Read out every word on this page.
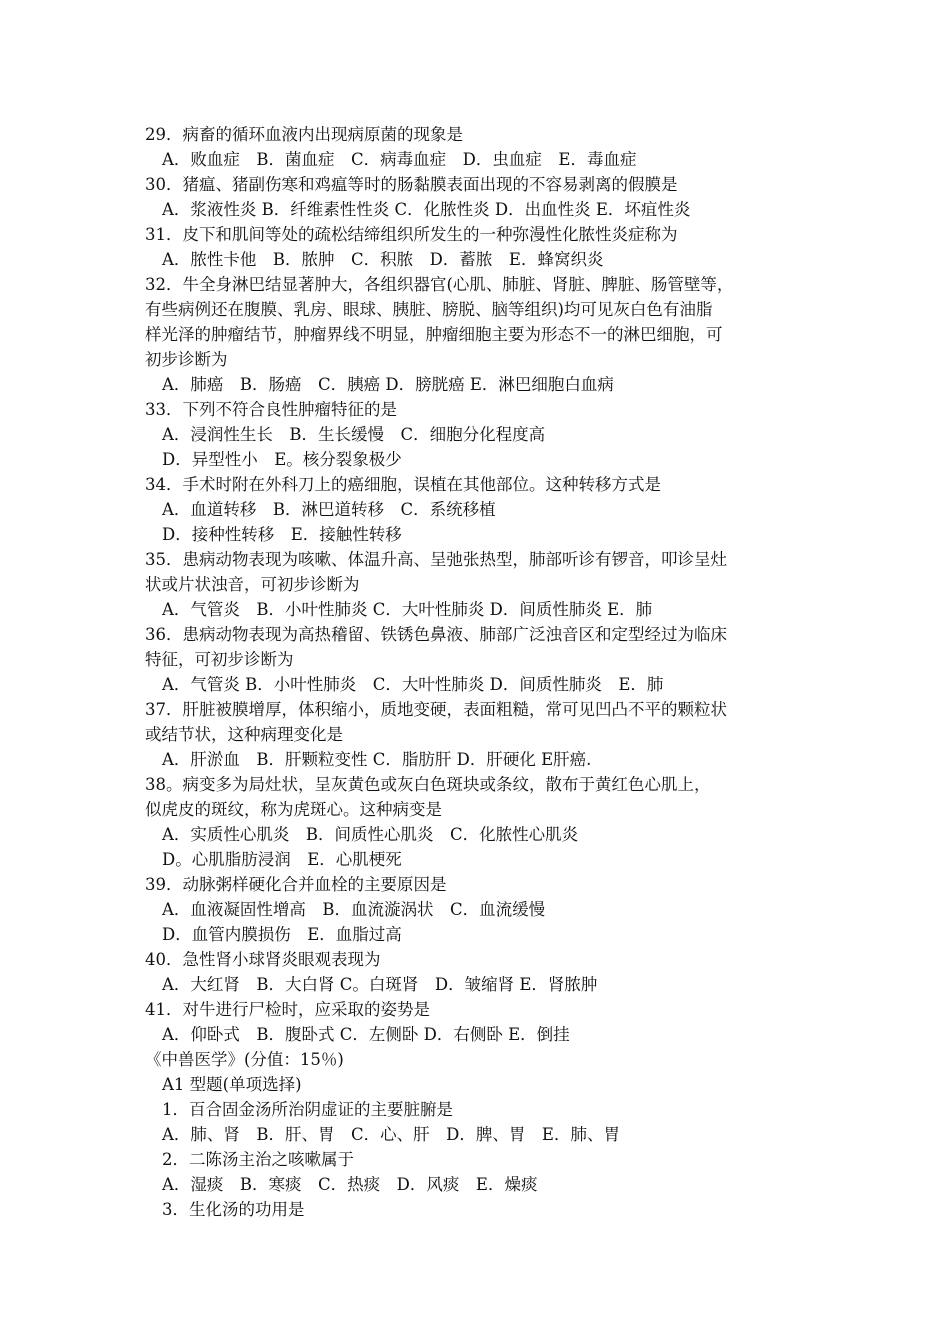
29．病畜的循环血液内出现病原菌的现象是
A．败血症　B．菌血症　C．病毒血症　D．虫血症　E．毒血症
30．猪瘟、猪副伤寒和鸡瘟等时的肠黏膜表面出现的不容易剥离的假膜是
A．浆液性炎 B．纤维素性性炎 C．化脓性炎 D．出血性炎 E．坏疽性炎
31．皮下和肌间等处的疏松结缔组织所发生的一种弥漫性化脓性炎症称为
A．脓性卡他　B．脓肿　C．积脓　D．蓄脓　E．蜂窝织炎
32．牛全身淋巴结显著肿大，各组织器官(心肌、肺脏、肾脏、脾脏、肠管壁等，
有些病例还在腹膜、乳房、眼球、胰脏、膀脱、脑等组织)均可见灰白色有油脂
样光泽的肿瘤结节，肿瘤界线不明显，肿瘤细胞主要为形态不一的淋巴细胞，可
初步诊断为
A．肺癌　B．肠癌　C．胰癌 D．膀胱癌 E．淋巴细胞白血病
33．下列不符合良性肿瘤特征的是
A．浸润性生长　B．生长缓慢　C．细胞分化程度高
D．异型性小　E。核分裂象极少
34．手术时附在外科刀上的癌细胞，误植在其他部位。这种转移方式是
A．血道转移　B．淋巴道转移　C．系统移植
D．接种性转移　E．接触性转移
35．患病动物表现为咳嗽、体温升高、呈弛张热型，肺部听诊有锣音，叩诊呈灶
状或片状浊音，可初步诊断为
A．气管炎　B．小叶性肺炎 C．大叶性肺炎 D．间质性肺炎 E．肺
36．患病动物表现为高热稽留、铁锈色鼻液、肺部广泛浊音区和定型经过为临床
特征，可初步诊断为
A．气管炎 B．小叶性肺炎　C．大叶性肺炎 D．间质性肺炎　E．肺
37．肝脏被膜增厚，体积缩小，质地变硬，表面粗糙，常可见凹凸不平的颗粒状
或结节状，这种病理变化是
A．肝淤血　B．肝颗粒变性 C．脂肪肝 D．肝硬化 E肝癌.
38。病变多为局灶状，呈灰黄色或灰白色斑块或条纹，散布于黄红色心肌上，
似虎皮的斑纹，称为虎斑心。这种病变是
A．实质性心肌炎　B．间质性心肌炎　C．化脓性心肌炎
D。心肌脂肪浸润　E．心肌梗死
39．动脉粥样硬化合并血栓的主要原因是
A．血液凝固性增高　B．血流漩涡状　C．血流缓慢
D．血管内膜损伤　E．血脂过高
40．急性肾小球肾炎眼观表现为
A．大红肾　B．大白肾 C。白斑肾　D．皱缩肾 E．肾脓肿
41．对牛进行尸检时，应采取的姿势是
A．仰卧式　B．腹卧式 C．左侧卧 D．右侧卧 E．倒挂
《中兽医学》(分值：15％)
A1 型题(单项选择)
1．百合固金汤所治阴虚证的主要脏腑是
A．肺、肾　B．肝、胃　C．心、肝　D．脾、胃　E．肺、胃
2．二陈汤主治之咳嗽属于
A．湿痰　B．寒痰　C．热痰　D．风痰　E．燥痰
3．生化汤的功用是
